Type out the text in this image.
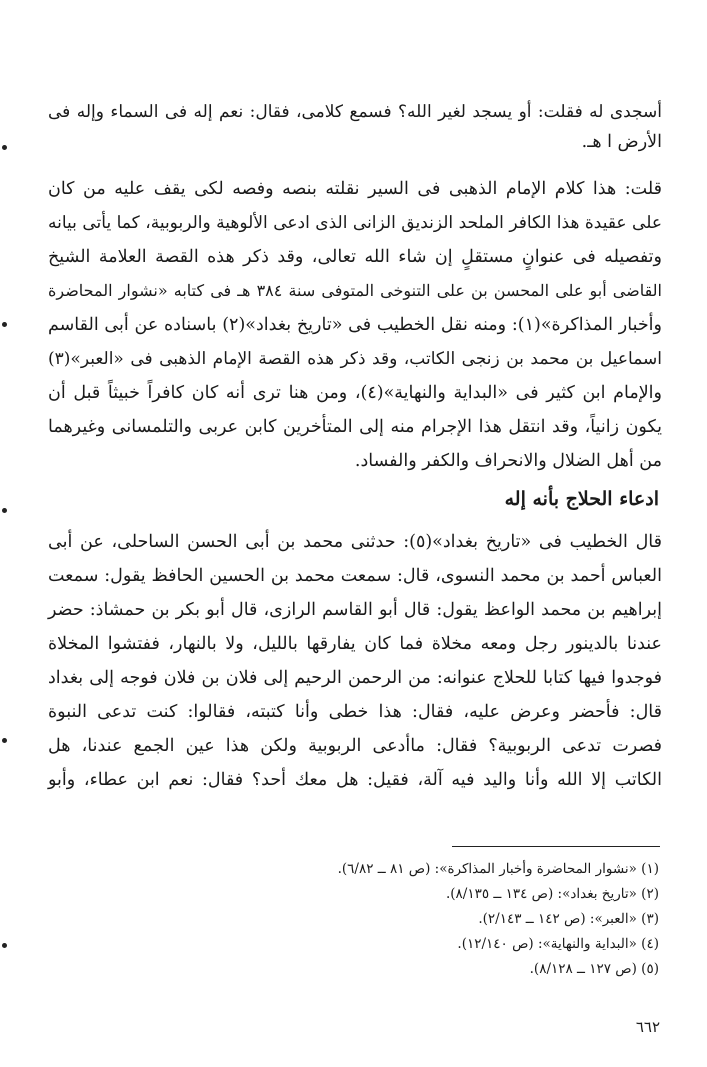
أسجدى له فقلت: أو يسجد لغير الله؟ فسمع كلامى، فقال: نعم إله فى السماء وإله فى
الأرض ا هـ.
قلت: هذا كلام الإمام الذهبى فى السير نقلته بنصه وفصه لكى يقف عليه من كان
على عقيدة هذا الكافر الملحد الزنديق الزانى الذى ادعى الألوهية والربوبية، كما يأتى بيانه
وتفصيله فى عنوانٍ مستقلٍ إن شاء الله تعالى، وقد ذكر هذه القصة العلامة الشيخ
القاضى أبو على المحسن بن على التنوخى المتوفى سنة ٣٨٤ هـ فى كتابه «نشوار المحاضرة
وأخبار المذاكرة»(١): ومنه نقل الخطيب فى «تاريخ بغداد»(٢) باسناده عن أبى القاسم
اسماعيل بن محمد بن زنجى الكاتب، وقد ذكر هذه القصة الإمام الذهبى فى «العبر»(٣)
والإمام ابن كثير فى «البداية والنهاية»(٤)، ومن هنا ترى أنه كان كافراً خبيثاً قبل أن
يكون زانياً، وقد انتقل هذا الإجرام منه إلى المتأخرين كابن عربى والتلمسانى وغيرهما
من أهل الضلال والانحراف والكفر والفساد.
ادعاء الحلاج بأنه إله
قال الخطيب فى «تاريخ بغداد»(٥): حدثنى محمد بن أبى الحسن الساحلى، عن أبى
العباس أحمد بن محمد النسوى، قال: سمعت محمد بن الحسين الحافظ يقول: سمعت
إبراهيم بن محمد الواعظ يقول: قال أبو القاسم الرازى، قال أبو بكر بن حمشاذ: حضر
عندنا بالدينور رجل ومعه مخلاة فما كان يفارقها بالليل، ولا بالنهار، ففتشوا المخلاة
فوجدوا فيها كتابا للحلاج عنوانه: من الرحمن الرحيم إلى فلان بن فلان فوجه إلى بغداد
قال: فأحضر وعرض عليه، فقال: هذا خطى وأنا كتبته، فقالوا: كنت تدعى النبوة
فصرت تدعى الربوبية؟ فقال: ماأدعى الربوبية ولكن هذا عين الجمع عندنا، هل
الكاتب إلا الله وأنا واليد فيه آلة، فقيل: هل معك أحد؟ فقال: نعم ابن عطاء، وأبو
(١) «نشوار المحاضرة وأخبار المذاكرة»: (ص ٨١ ــ ٦/٨٢).
(٢) «تاريخ بغداد»: (ص ١٣٤ ــ ٨/١٣٥).
(٣) «العبر»: (ص ١٤٢ ــ ٢/١٤٣).
(٤) «البداية والنهاية»: (ص ١٢/١٤٠).
(٥) (ص ١٢٧ ــ ٨/١٢٨).
٦٦٢
